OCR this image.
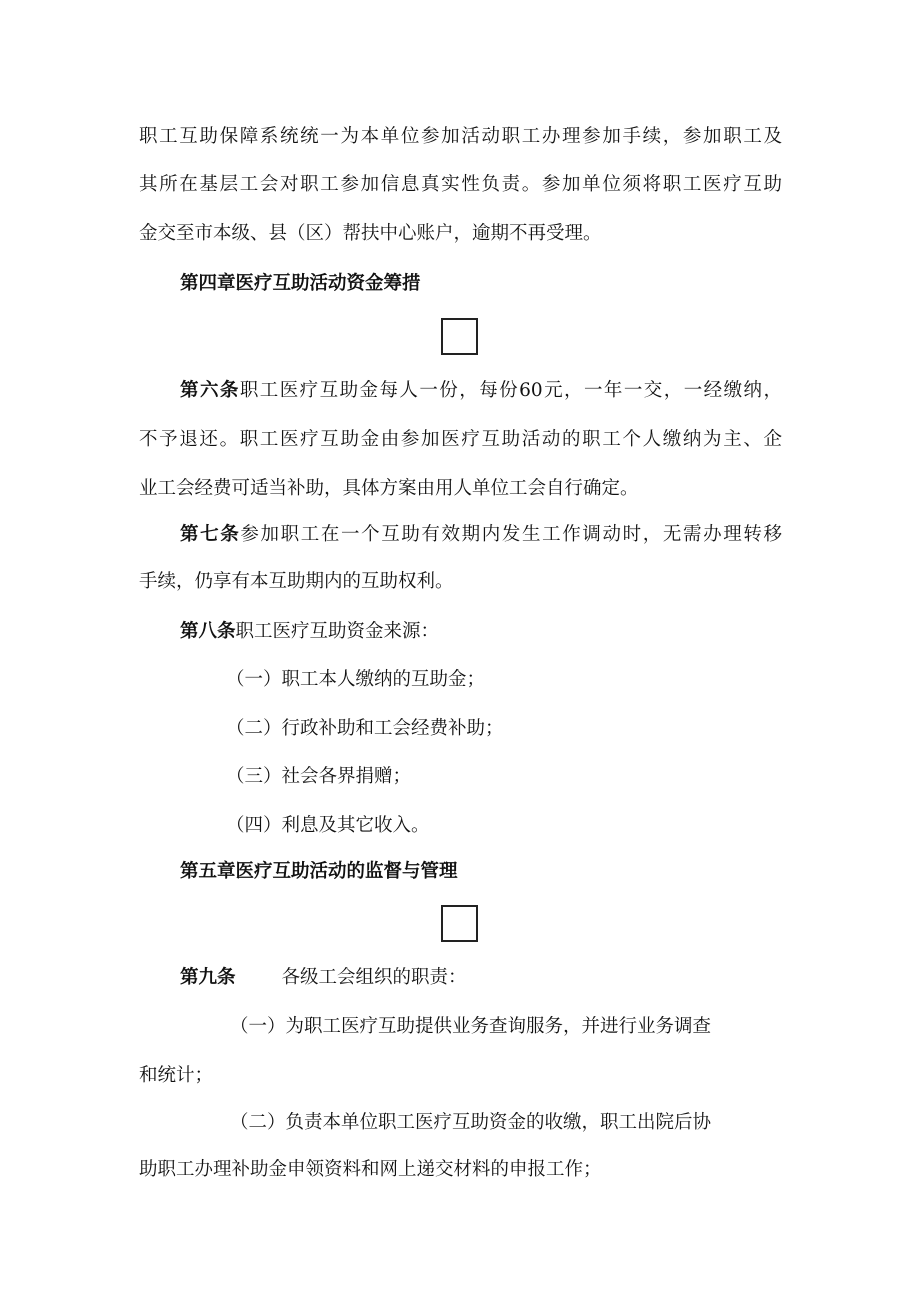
职工互助保障系统统一为本单位参加活动职工办理参加手续，参加职工及

其所在基层工会对职工参加信息真实性负责。参加单位须将职工医疗互助

金交至市本级、县（区）帮扶中心账户，逾期不再受理。

第四章医疗互助活动资金筹措

第六条职工医疗互助金每人一份，每份60元，一年一交，一经缴纳，

不予退还。职工医疗互助金由参加医疗互助活动的职工个人缴纳为主、企

业工会经费可适当补助，具体方案由用人单位工会自行确定。

第七条参加职工在一个互助有效期内发生工作调动时，无需办理转移

手续，仍享有本互助期内的互助权利。

第八条职工医疗互助资金来源：

（一）职工本人缴纳的互助金；

（二）行政补助和工会经费补助；

（三）社会各界捐赠；

（四）利息及其它收入。

第五章医疗互助活动的监督与管理

第九条 各级工会组织的职责：

（一）为职工医疗互助提供业务查询服务，并进行业务调查

和统计；

（二）负责本单位职工医疗互助资金的收缴，职工出院后协

助职工办理补助金申领资料和网上递交材料的申报工作；
